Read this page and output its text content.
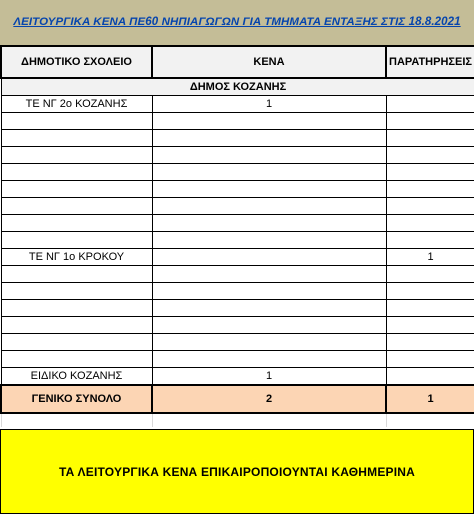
ΛΕΙΤΟΥΡΓΙΚΑ ΚΕΝΑ ΠΕ60 ΝΗΠΙΑΓΩΓΩΝ ΓΙΑ ΤΜΗΜΑΤΑ ΕΝΤΑΞΗΣ ΣΤΙΣ 18.8.2021
ΔΗΜΟΤΙΚΟ ΣΧΟΛΕΙΟ	ΚΕΝΑ	ΠΑΡΑΤΗΡΗΣΕΙΣ
ΔΗΜΟΣ ΚΟΖΑΝΗΣ		
ΤΕ ΝΓ 2ο ΚΟΖΑΝΗΣ	1	

ΤΕ ΝΓ 1ο ΚΡΟΚΟΥ		1

ΕΙΔΙΚΟ ΚΟΖΑΝΗΣ	1	
ΓΕΝΙΚΟ ΣΥΝΟΛΟ	2	1

ΤΑ ΛΕΙΤΟΥΡΓΙΚΑ ΚΕΝΑ ΕΠΙΚΑΙΡΟΠΟΙΟΥΝΤΑΙ ΚΑΘΗΜΕΡΙΝΑ
